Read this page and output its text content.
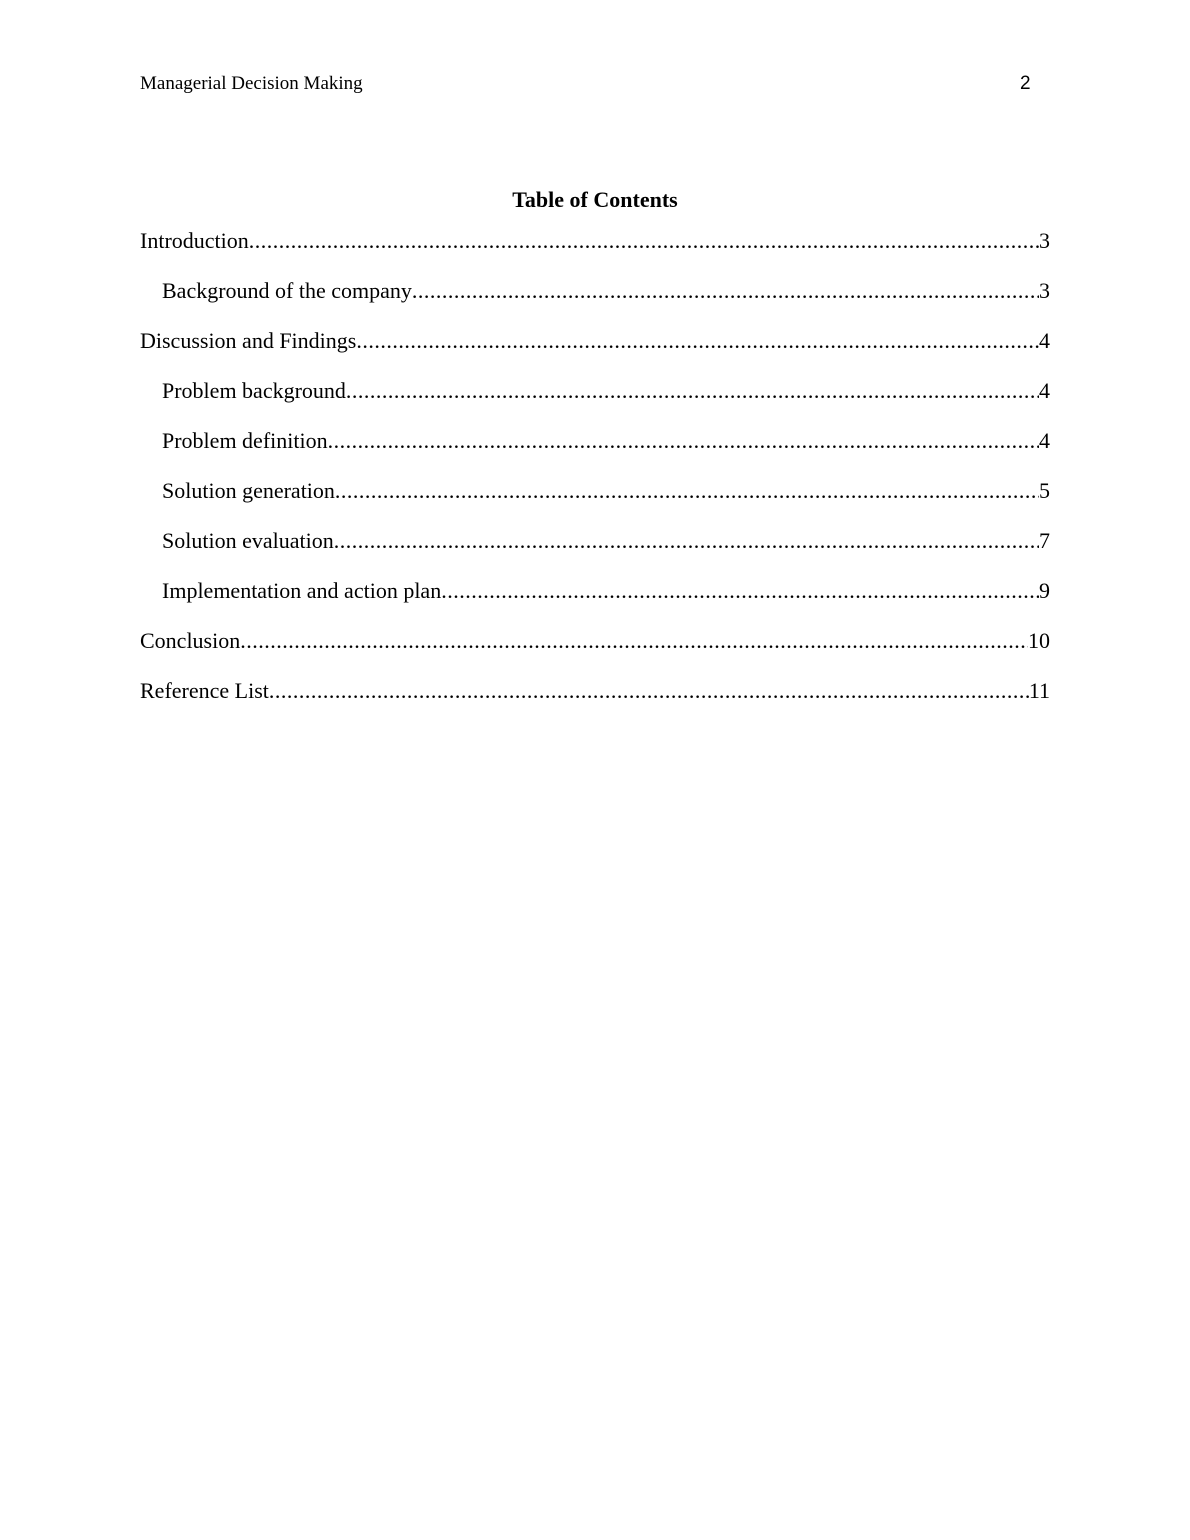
Managerial Decision Making	2
Table of Contents
Introduction .....	3
Background of the company .....	3
Discussion and Findings .....	4
Problem background .....	4
Problem definition .....	4
Solution generation .....	5
Solution evaluation .....	7
Implementation and action plan .....	9
Conclusion .....	10
Reference List .....	11
